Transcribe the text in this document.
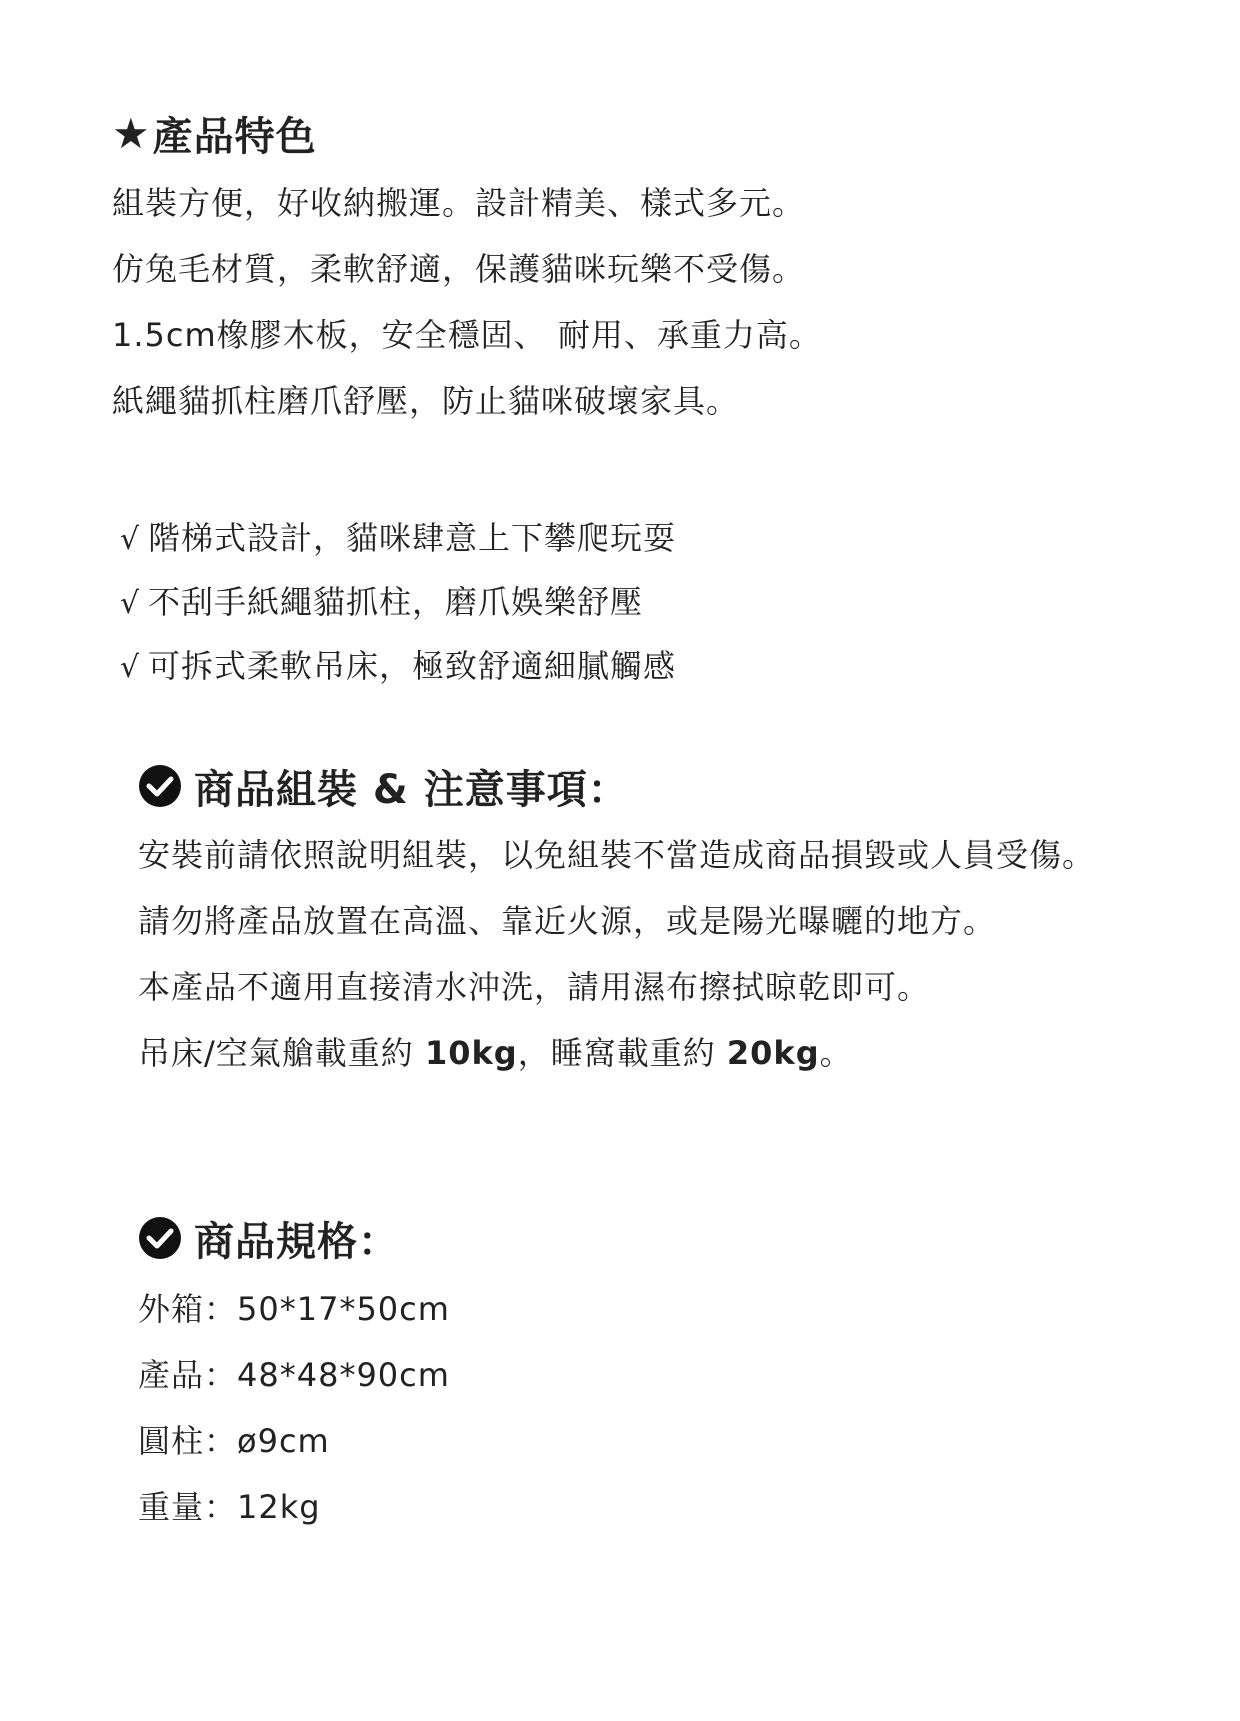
★ 產品特色
組裝方便，好收納搬運。設計精美、樣式多元。
仿兔毛材質，柔軟舒適，保護貓咪玩樂不受傷。
1.5cm橡膠木板，安全穩固、 耐用、承重力高。
紙繩貓抓柱磨爪舒壓，防止貓咪破壞家具。
√ 階梯式設計，貓咪肆意上下攀爬玩耍
√ 不刮手紙繩貓抓柱，磨爪娛樂舒壓
√ 可拆式柔軟吊床，極致舒適細膩觸感
商品組裝 & 注意事項：
安裝前請依照說明組裝，以免組裝不當造成商品損毀或人員受傷。
請勿將產品放置在高溫、靠近火源，或是陽光曝曬的地方。
本產品不適用直接清水沖洗，請用濕布擦拭晾乾即可。
吊床/空氣艙載重約 10kg，睡窩載重約 20kg。
商品規格：
外箱：50*17*50cm
產品：48*48*90cm
圓柱：ø9cm
重量：12kg
